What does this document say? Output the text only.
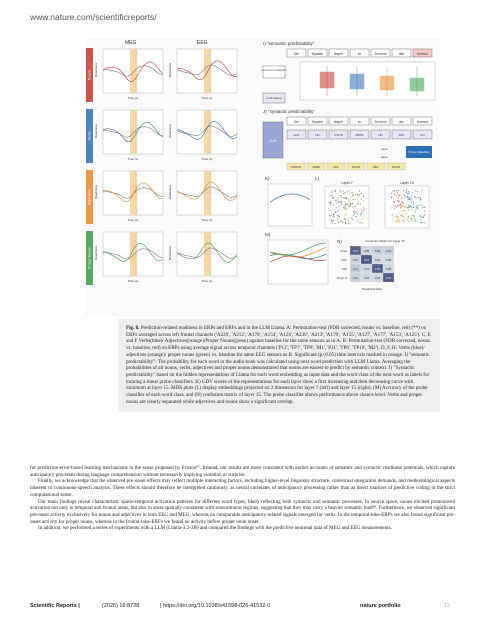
www.nature.com/scientificreports/
MEG	EEG
Nouns
Time (s)
Readiness
Time (s)
Readiness
Verbs
Time (s)
Readiness
Time (s)
Readiness
Adjectives
Time (s)
Readiness
Time (s)
Readiness
Proper Nouns
Time (s)
Readiness
Time (s)
Readiness
I) "semantic predictability"
Die	Hyaden	liegen	im	Zentrum	des	Kreises
next word prediction
LLM Llama
J) "syntactic predictability"
Die
ART
Hyaden
NN
liegen
VVFIN
im
APPR
Zentrum
NN
des
ART
Kreises
NN
LLM
input
label
Probe Classifier
PROPN	VERB	ADP	NOUN	DET	NOUN
K)	L)
Layer 7	Layer 15
M)
N)	Confusion Matrix for Layer 15
Noun 0.76 0.06 0.09 0.09
Verb 0.07 0.84 0.04 0.05
ADJ 0.12 0.04 0.79 0.05
Propn N 0.10 0.05 0.04 0.81
Predicted label
Fig. 8. Prediction-related readiness in ERPs and ERFs and in the LLM Llama. A: Permutation-test (FDR corrected, nouns vs. baseline, red) (**) on ERFs averaged across left frontal channels ('A229', 'A212', 'A178', 'A154', 'A126', 'A230', 'A213', 'A179', 'A155', 'A127', 'A177', 'A153', 'A125'). C, E and F Verbs(blue)/ Adjectives(orange)/Proper Nouns(green) against baseline for the same sensors as in A. B: Permutation-test (FDR corrected, nouns vs. baseline, red) on ERPs using average signal across temporal channels ('P12', 'TP7', 'TP9', 'M1', 'P11', 'TP8', 'TP10', 'M2'). D, F, H: Verbs (blue)/ adjectives (orange)/ proper nouns (green) vs. baseline for same EEG sensors as B. Significant (p<0.05) time intervals marked in orange. I) "semantic predictability": The probability for each word in the audio book was calculated using next word prediction with LLM Llama. Averaging the probabilities of all nouns, verbs, adjectives and proper nouns demonstrated that nouns are easiest to predict by semantic context. J) "Syntactic predictability" based on the hidden representations of Llama for each word embedding as input data and the word class of the next word as labels for training a linear probe classifiers. K) GDV scores of the representations for each layer show a first increasing and then decreasing curve with minimum at layer 15. MDS plots (L) display embeddings projected on 2 dimension for layer 7 (left) and layer 15 (right). (M) Accuracy of the probe classifier of each word class, and (N) confusion matrix of layer 15. The probe classifier shows performance above chance level. Verbs and proper nouns are clearly separated while adjectives and nouns show a significant overlap.

for prediction-error-based learning mechanisms in the sense proposed by Friston⁸⁷. Instead, our results are more consistent with earlier accounts of semantic and syntactic readiness potentials, which capture anticipatory processes during language comprehension without necessarily implying violation or surprise.

Finally, we acknowledge that the observed pre-onset effects may reflect multiple interacting factors, including higher-level linguistic structure, contextual integration demands, and methodological aspects inherent to continuous-speech analysis. These effects should therefore be interpreted cautiously, as neural correlates of anticipatory processing rather than as direct markers of predictive coding in the strict computational sense.

Our main findings reveal characteristic spatio-temporal activation patterns for different word types, likely reflecting both syntactic and semantic processes. In source space, nouns elicited pronounced activation not only in temporal and frontal areas, but also in areas spatially consistent with sensorimotor regions, suggesting that they may carry a heavier semantic load⁸⁸. Furthermore, we observed significant pre-onset activity exclusively for nouns and adjectives in both EEG and MEG, whereas no comparable anticipatory-related signals emerged for verbs. In the temporal-lobe-ERPs we also found significant pre-onset activity for proper nouns, whereas in the frontal-lobe-ERFs we found no activity before proper noun onset.

In addition, we performed a series of experiments with a LLM (Llama-3.2-3B) and compared the findings with the predictive neuronal data of MEG and EEG measurements.

Scientific Reports |	(2026) 16:8728	| https://doi.org/10.1038/s41598-026-41532-0	nature portfolio	12
